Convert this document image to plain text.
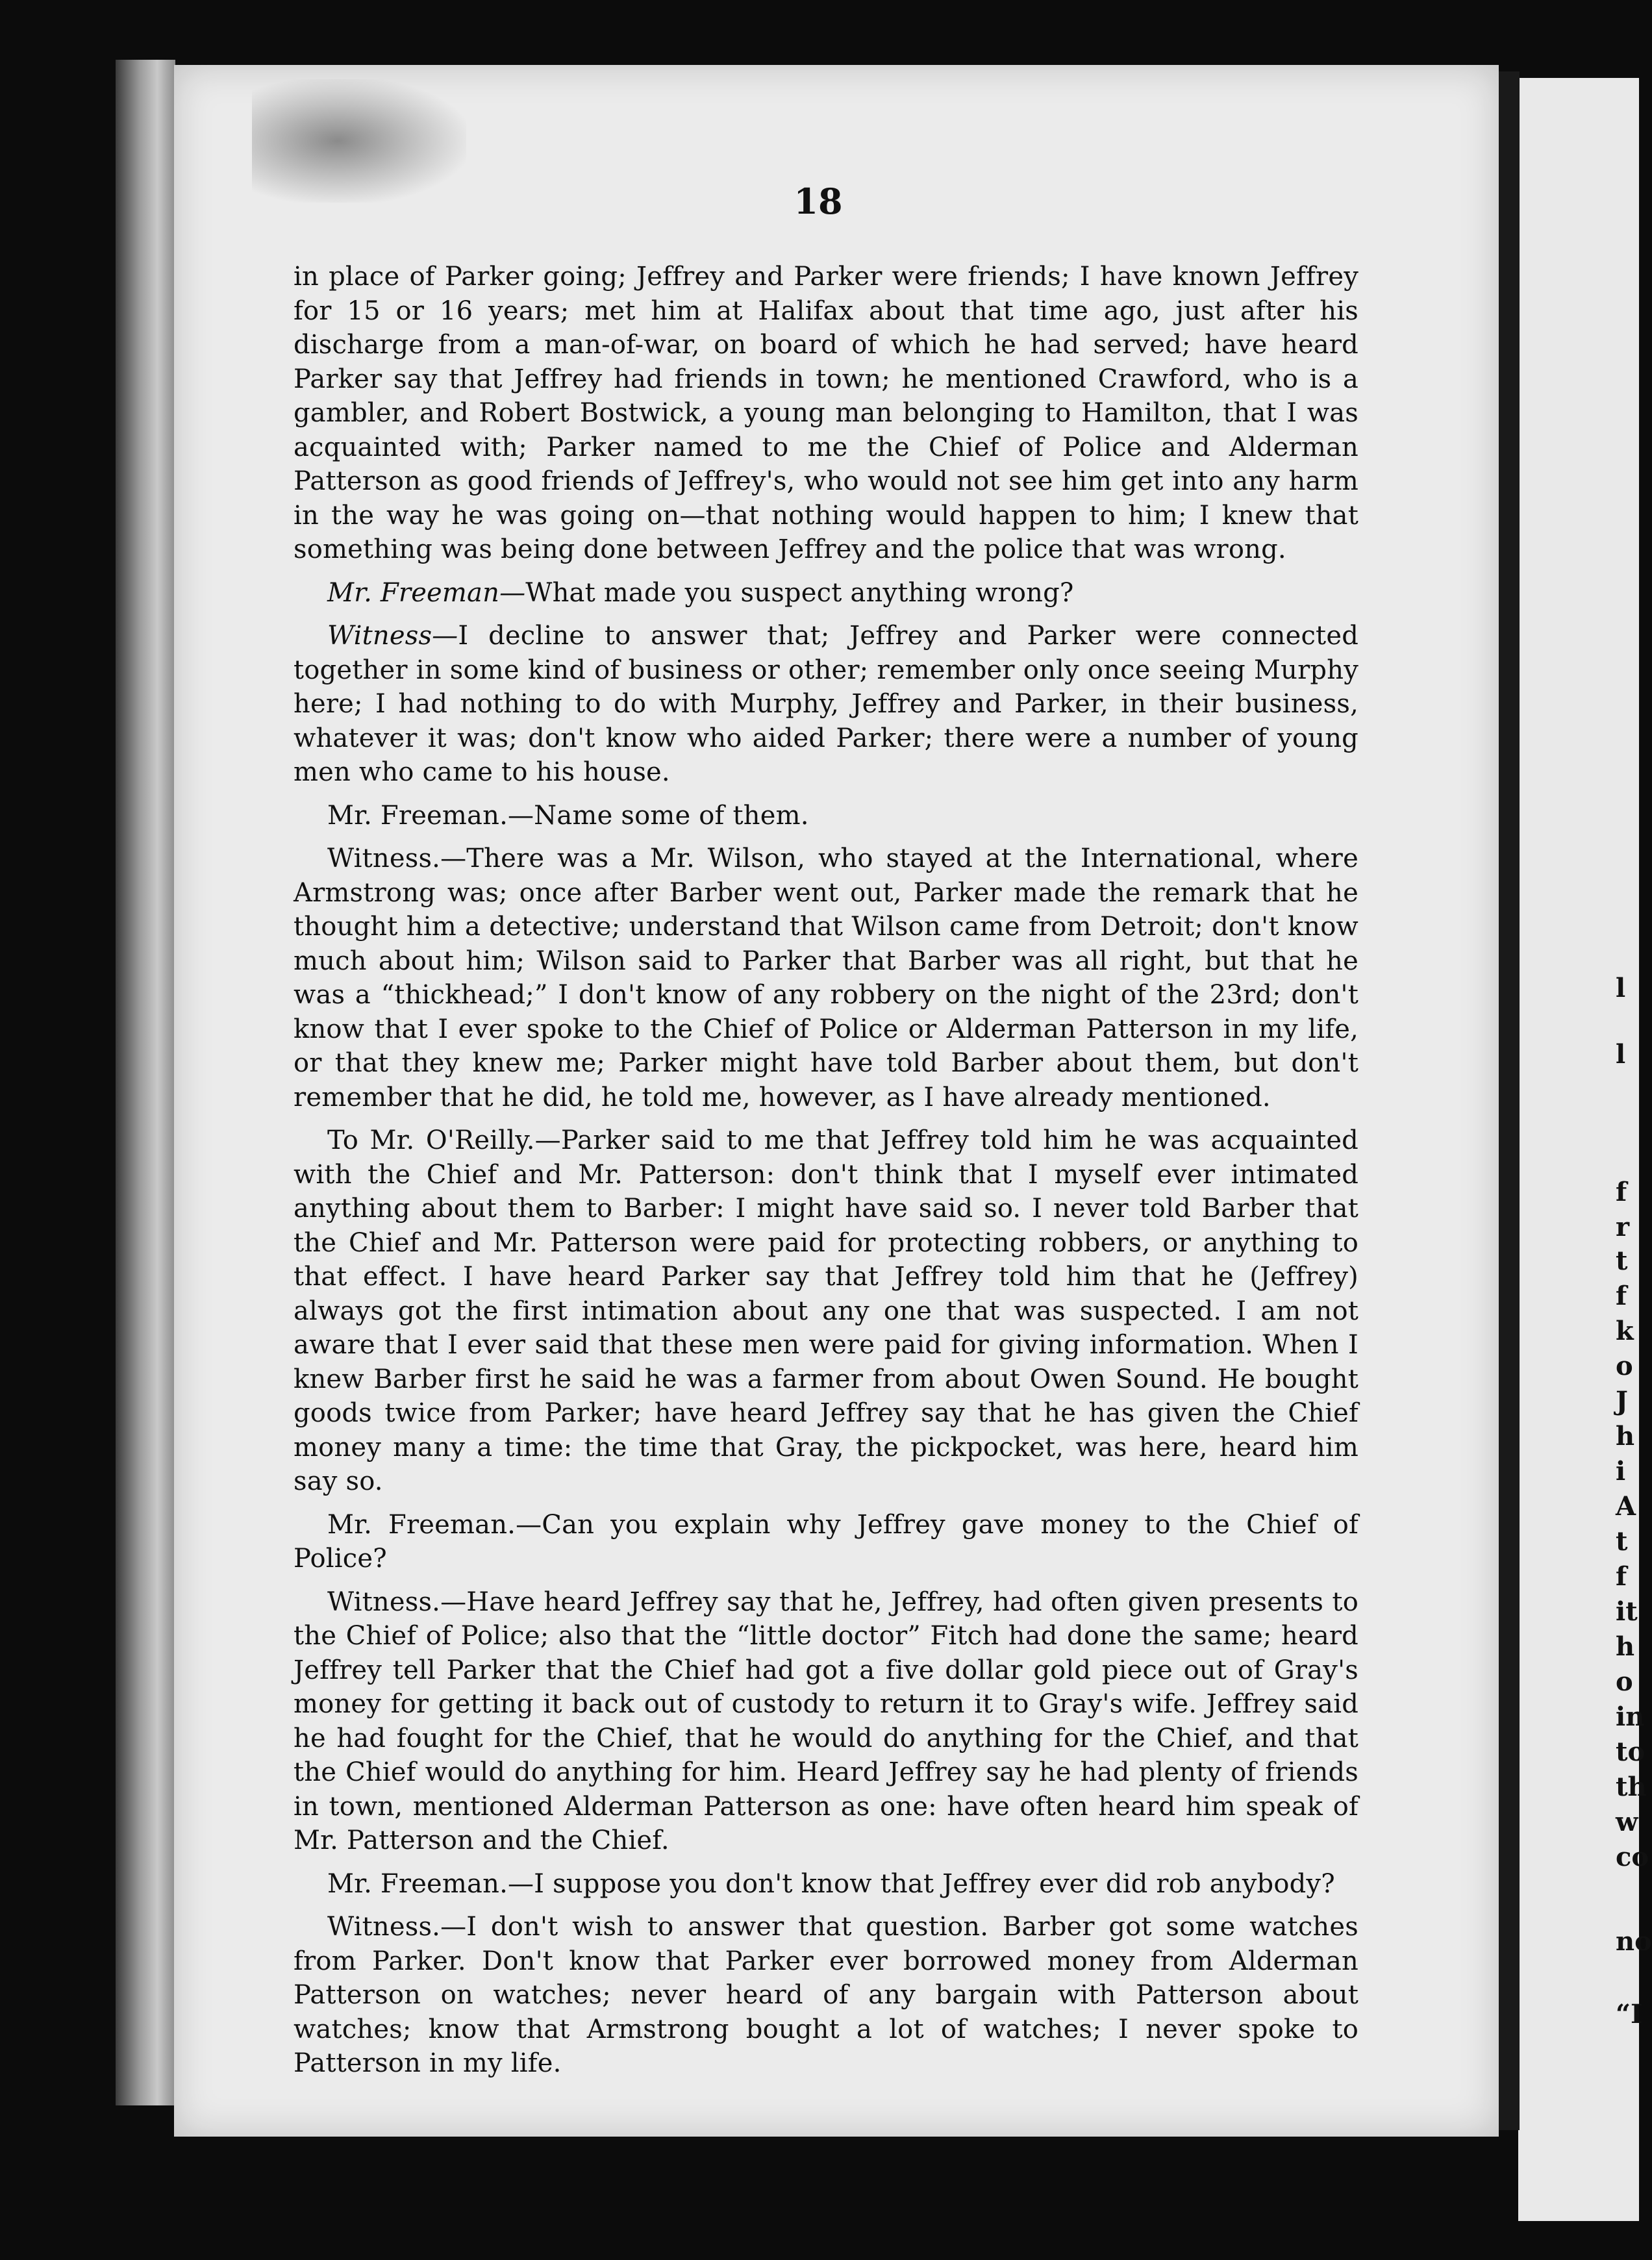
18

in place of Parker going; Jeffrey and Parker were friends; I have known Jeffrey for 15 or 16 years; met him at Halifax about that time ago, just after his discharge from a man-of-war, on board of which he had served; have heard Parker say that Jeffrey had friends in town; he mentioned Crawford, who is a gambler, and Robert Bostwick, a young man belonging to Hamilton, that I was acquainted with; Parker named to me the Chief of Police and Alderman Patterson as good friends of Jeffrey's, who would not see him get into any harm in the way he was going on—that nothing would happen to him; I knew that something was being done between Jeffrey and the police that was wrong.

Mr. Freeman—What made you suspect anything wrong?

Witness—I decline to answer that; Jeffrey and Parker were connected together in some kind of business or other; remember only once seeing Murphy here; I had nothing to do with Murphy, Jeffrey and Parker, in their business, whatever it was; don't know who aided Parker; there were a number of young men who came to his house.

Mr. Freeman.—Name some of them.

Witness.—There was a Mr. Wilson, who stayed at the International, where Armstrong was; once after Barber went out, Parker made the remark that he thought him a detective; understand that Wilson came from Detroit; don't know much about him; Wilson said to Parker that Barber was all right, but that he was a “thickhead;” I don't know of any robbery on the night of the 23rd; don't know that I ever spoke to the Chief of Police or Alderman Patterson in my life, or that they knew me; Parker might have told Barber about them, but don't remember that he did, he told me, however, as I have already mentioned.

To Mr. O'Reilly.—Parker said to me that Jeffrey told him he was acquainted with the Chief and Mr. Patterson: don't think that I myself ever intimated anything about them to Barber: I might have said so. I never told Barber that the Chief and Mr. Patterson were paid for protecting robbers, or anything to that effect. I have heard Parker say that Jeffrey told him that he (Jeffrey) always got the first intimation about any one that was suspected. I am not aware that I ever said that these men were paid for giving information. When I knew Barber first he said he was a farmer from about Owen Sound. He bought goods twice from Parker; have heard Jeffrey say that he has given the Chief money many a time: the time that Gray, the pickpocket, was here, heard him say so.

Mr. Freeman.—Can you explain why Jeffrey gave money to the Chief of Police?

Witness.—Have heard Jeffrey say that he, Jeffrey, had often given presents to the Chief of Police; also that the “little doctor” Fitch had done the same; heard Jeffrey tell Parker that the Chief had got a five dollar gold piece out of Gray's money for getting it back out of custody to return it to Gray's wife. Jeffrey said he had fought for the Chief, that he would do anything for the Chief, and that the Chief would do anything for him. Heard Jeffrey say he had plenty of friends in town, mentioned Alderman Patterson as one: have often heard him speak of Mr. Patterson and the Chief.

Mr. Freeman.—I suppose you don't know that Jeffrey ever did rob anybody?

Witness.—I don't wish to answer that question. Barber got some watches from Parker. Don't know that Parker ever borrowed money from Alderman Patterson on watches; never heard of any bargain with Patterson about watches; know that Armstrong bought a lot of watches; I never spoke to Patterson in my life.

l
l
f
r
t
f
k
o
J
h
i
A
t
f
it
h
o
in
to
th
w
co
no
“I
